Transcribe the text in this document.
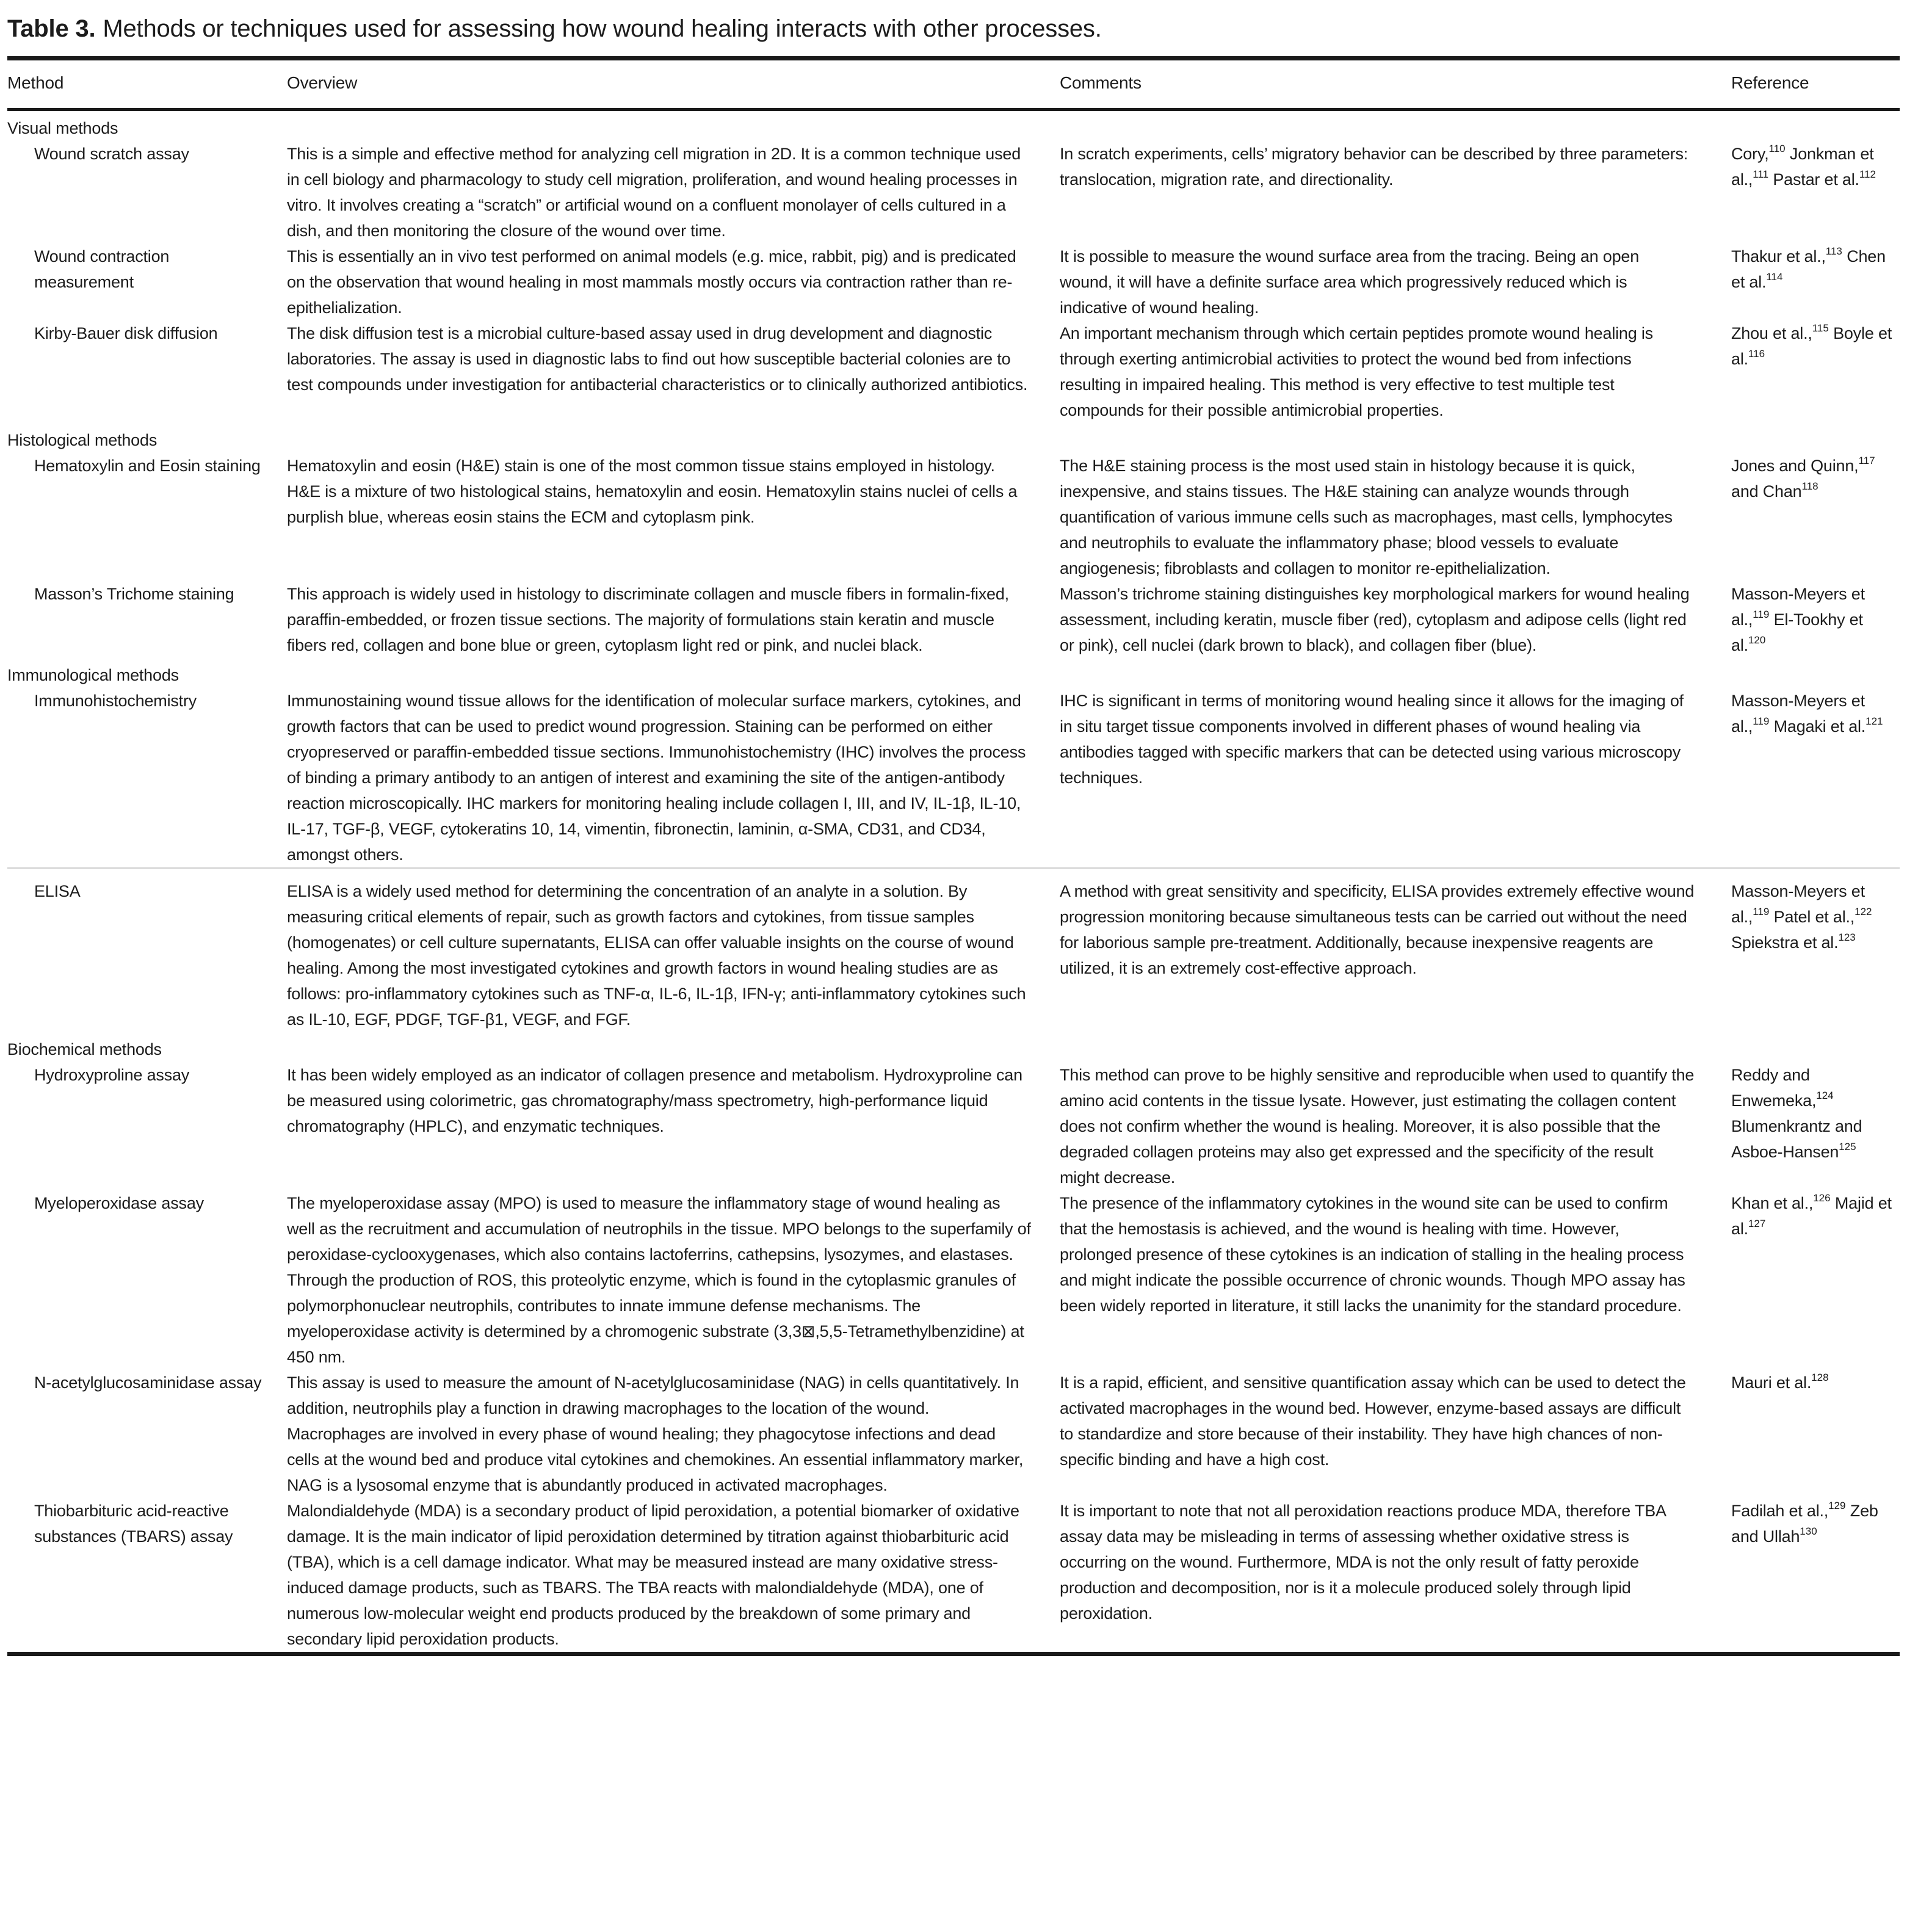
Table 3. Methods or techniques used for assessing how wound healing interacts with other processes.
Method	Overview	Comments	Reference
Visual methods			
Wound scratch assay	This is a simple and effective method for analyzing cell migration in 2D. It is a common technique used in cell biology and pharmacology to study cell migration, proliferation, and wound healing processes in vitro. It involves creating a “scratch” or artificial wound on a confluent monolayer of cells cultured in a dish, and then monitoring the closure of the wound over time.	In scratch experiments, cells’ migratory behavior can be described by three parameters: translocation, migration rate, and directionality.	Cory,$^{110}$ Jonkman et al.,$^{111}$ Pastar et al.$^{112}$
Wound contraction measurement	This is essentially an in vivo test performed on animal models (e.g. mice, rabbit, pig) and is predicated on the observation that wound healing in most mammals mostly occurs via contraction rather than re-epithelialization.	It is possible to measure the wound surface area from the tracing. Being an open wound, it will have a definite surface area which progressively reduced which is indicative of wound healing.	Thakur et al.,$^{113}$ Chen et al.$^{114}$
Kirby-Bauer disk diffusion	The disk diffusion test is a microbial culture-based assay used in drug development and diagnostic laboratories. The assay is used in diagnostic labs to find out how susceptible bacterial colonies are to test compounds under investigation for antibacterial characteristics or to clinically authorized antibiotics.	An important mechanism through which certain peptides promote wound healing is through exerting antimicrobial activities to protect the wound bed from infections resulting in impaired healing. This method is very effective to test multiple test compounds for their possible antimicrobial properties.	Zhou et al.,$^{115}$ Boyle et al.$^{116}$
Histological methods			
Hematoxylin and Eosin staining	Hematoxylin and eosin (H&E) stain is one of the most common tissue stains employed in histology. H&E is a mixture of two histological stains, hematoxylin and eosin. Hematoxylin stains nuclei of cells a purplish blue, whereas eosin stains the ECM and cytoplasm pink.	The H&E staining process is the most used stain in histology because it is quick, inexpensive, and stains tissues. The H&E staining can analyze wounds through quantification of various immune cells such as macrophages, mast cells, lymphocytes and neutrophils to evaluate the inflammatory phase; blood vessels to evaluate angiogenesis; fibroblasts and collagen to monitor re-epithelialization.	Jones and Quinn,$^{117}$ and Chan$^{118}$
Masson’s Trichome staining	This approach is widely used in histology to discriminate collagen and muscle fibers in formalin-fixed, paraffin-embedded, or frozen tissue sections. The majority of formulations stain keratin and muscle fibers red, collagen and bone blue or green, cytoplasm light red or pink, and nuclei black.	Masson’s trichrome staining distinguishes key morphological markers for wound healing assessment, including keratin, muscle fiber (red), cytoplasm and adipose cells (light red or pink), cell nuclei (dark brown to black), and collagen fiber (blue).	Masson-Meyers et al.,$^{119}$ El-Tookhy et al.$^{120}$
Immunological methods			
Immunohistochemistry	Immunostaining wound tissue allows for the identification of molecular surface markers, cytokines, and growth factors that can be used to predict wound progression. Staining can be performed on either cryopreserved or paraffin-embedded tissue sections. Immunohistochemistry (IHC) involves the process of binding a primary antibody to an antigen of interest and examining the site of the antigen-antibody reaction microscopically. IHC markers for monitoring healing include collagen I, III, and IV, IL-1β, IL-10, IL-17, TGF-β, VEGF, cytokeratins 10, 14, vimentin, fibronectin, laminin, α-SMA, CD31, and CD34, amongst others.	IHC is significant in terms of monitoring wound healing since it allows for the imaging of in situ target tissue components involved in different phases of wound healing via antibodies tagged with specific markers that can be detected using various microscopy techniques.	Masson-Meyers et al.,$^{119}$ Magaki et al.$^{121}$
ELISA	ELISA is a widely used method for determining the concentration of an analyte in a solution. By measuring critical elements of repair, such as growth factors and cytokines, from tissue samples (homogenates) or cell culture supernatants, ELISA can offer valuable insights on the course of wound healing. Among the most investigated cytokines and growth factors in wound healing studies are as follows: pro-inflammatory cytokines such as TNF-α, IL-6, IL-1β, IFN-γ; anti-inflammatory cytokines such as IL-10, EGF, PDGF, TGF-β1, VEGF, and FGF.	A method with great sensitivity and specificity, ELISA provides extremely effective wound progression monitoring because simultaneous tests can be carried out without the need for laborious sample pre-treatment. Additionally, because inexpensive reagents are utilized, it is an extremely cost-effective approach.	Masson-Meyers et al.,$^{119}$ Patel et al.,$^{122}$ Spiekstra et al.$^{123}$
Biochemical methods			
Hydroxyproline assay	It has been widely employed as an indicator of collagen presence and metabolism. Hydroxyproline can be measured using colorimetric, gas chromatography/mass spectrometry, high-performance liquid chromatography (HPLC), and enzymatic techniques.	This method can prove to be highly sensitive and reproducible when used to quantify the amino acid contents in the tissue lysate. However, just estimating the collagen content does not confirm whether the wound is healing. Moreover, it is also possible that the degraded collagen proteins may also get expressed and the specificity of the result might decrease.	Reddy and Enwemeka,$^{124}$ Blumenkrantz and Asboe-Hansen$^{125}$
Myeloperoxidase assay	The myeloperoxidase assay (MPO) is used to measure the inflammatory stage of wound healing as well as the recruitment and accumulation of neutrophils in the tissue. MPO belongs to the superfamily of peroxidase-cyclooxygenases, which also contains lactoferrins, cathepsins, lysozymes, and elastases. Through the production of ROS, this proteolytic enzyme, which is found in the cytoplasmic granules of polymorphonuclear neutrophils, contributes to innate immune defense mechanisms. The myeloperoxidase activity is determined by a chromogenic substrate (3,3⊠,5,5-Tetramethylbenzidine) at 450 nm.	The presence of the inflammatory cytokines in the wound site can be used to confirm that the hemostasis is achieved, and the wound is healing with time. However, prolonged presence of these cytokines is an indication of stalling in the healing process and might indicate the possible occurrence of chronic wounds. Though MPO assay has been widely reported in literature, it still lacks the unanimity for the standard procedure.	Khan et al.,$^{126}$ Majid et al.$^{127}$
N-acetylglucosaminidase assay	This assay is used to measure the amount of N-acetylglucosaminidase (NAG) in cells quantitatively. In addition, neutrophils play a function in drawing macrophages to the location of the wound. Macrophages are involved in every phase of wound healing; they phagocytose infections and dead cells at the wound bed and produce vital cytokines and chemokines. An essential inflammatory marker, NAG is a lysosomal enzyme that is abundantly produced in activated macrophages.	It is a rapid, efficient, and sensitive quantification assay which can be used to detect the activated macrophages in the wound bed. However, enzyme-based assays are difficult to standardize and store because of their instability. They have high chances of non-specific binding and have a high cost.	Mauri et al.$^{128}$
Thiobarbituric acid-reactive substances (TBARS) assay	Malondialdehyde (MDA) is a secondary product of lipid peroxidation, a potential biomarker of oxidative damage. It is the main indicator of lipid peroxidation determined by titration against thiobarbituric acid (TBA), which is a cell damage indicator. What may be measured instead are many oxidative stress-induced damage products, such as TBARS. The TBA reacts with malondialdehyde (MDA), one of numerous low-molecular weight end products produced by the breakdown of some primary and secondary lipid peroxidation products.	It is important to note that not all peroxidation reactions produce MDA, therefore TBA assay data may be misleading in terms of assessing whether oxidative stress is occurring on the wound. Furthermore, MDA is not the only result of fatty peroxide production and decomposition, nor is it a molecule produced solely through lipid peroxidation.	Fadilah et al.,$^{129}$ Zeb and Ullah$^{130}$
